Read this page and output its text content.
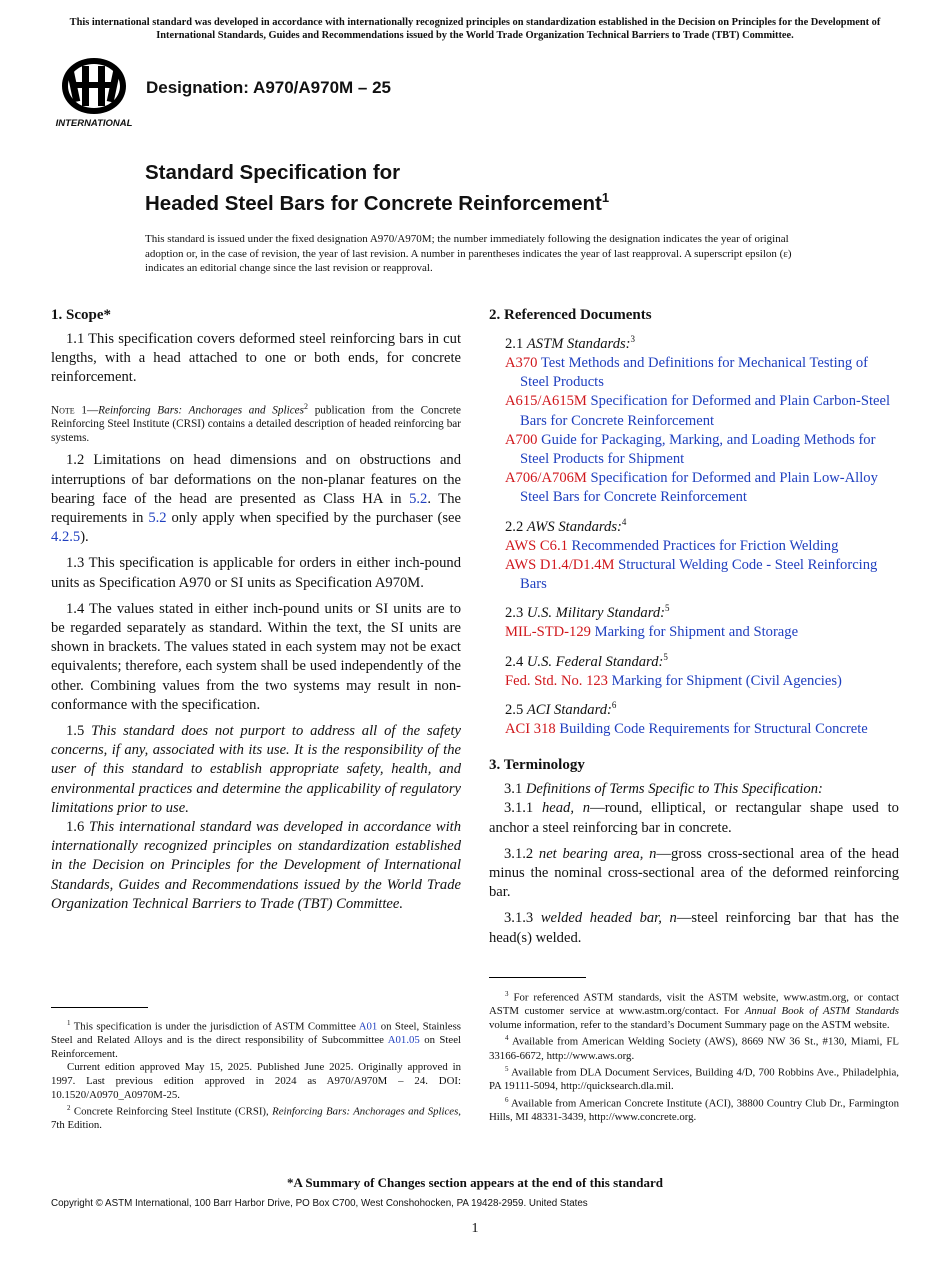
This international standard was developed in accordance with internationally recognized principles on standardization established in the Decision on Principles for the Development of International Standards, Guides and Recommendations issued by the World Trade Organization Technical Barriers to Trade (TBT) Committee.
INTERNATIONAL
Designation: A970/A970M – 25
Standard Specification for
Headed Steel Bars for Concrete Reinforcement$^1$
This standard is issued under the fixed designation A970/A970M; the number immediately following the designation indicates the year of original adoption or, in the case of revision, the year of last revision. A number in parentheses indicates the year of last reapproval. A superscript epsilon (ε) indicates an editorial change since the last revision or reapproval.
1. Scope*

1.1 This specification covers deformed steel reinforcing bars in cut lengths, with a head attached to one or both ends, for concrete reinforcement.

Note 1—Reinforcing Bars: Anchorages and Splices$^2$ publication from the Concrete Reinforcing Steel Institute (CRSI) contains a detailed description of headed reinforcing bar systems.

1.2 Limitations on head dimensions and on obstructions and interruptions of bar deformations on the non-planar features on the bearing face of the head are presented as Class HA in 5.2. The requirements in 5.2 only apply when specified by the purchaser (see 4.2.5).

1.3 This specification is applicable for orders in either inch-pound units as Specification A970 or SI units as Specification A970M.

1.4 The values stated in either inch-pound units or SI units are to be regarded separately as standard. Within the text, the SI units are shown in brackets. The values stated in each system may not be exact equivalents; therefore, each system shall be used independently of the other. Combining values from the two systems may result in non-conformance with the specification.

1.5 This standard does not purport to address all of the safety concerns, if any, associated with its use. It is the responsibility of the user of this standard to establish appropriate safety, health, and environmental practices and determine the applicability of regulatory limitations prior to use.

1.6 This international standard was developed in accordance with internationally recognized principles on standardization established in the Decision on Principles for the Development of International Standards, Guides and Recommendations issued by the World Trade Organization Technical Barriers to Trade (TBT) Committee.

2. Referenced Documents

2.1 ASTM Standards:$^3$

A370 Test Methods and Definitions for Mechanical Testing of Steel Products

A615/A615M Specification for Deformed and Plain Carbon-Steel Bars for Concrete Reinforcement

A700 Guide for Packaging, Marking, and Loading Methods for Steel Products for Shipment

A706/A706M Specification for Deformed and Plain Low-Alloy Steel Bars for Concrete Reinforcement

2.2 AWS Standards:$^4$

AWS C6.1 Recommended Practices for Friction Welding

AWS D1.4/D1.4M Structural Welding Code - Steel Reinforcing Bars

2.3 U.S. Military Standard:$^5$

MIL-STD-129 Marking for Shipment and Storage

2.4 U.S. Federal Standard:$^5$

Fed. Std. No. 123 Marking for Shipment (Civil Agencies)

2.5 ACI Standard:$^6$

ACI 318 Building Code Requirements for Structural Concrete

3. Terminology

3.1 Definitions of Terms Specific to This Specification:

3.1.1 head, n—round, elliptical, or rectangular shape used to anchor a steel reinforcing bar in concrete.

3.1.2 net bearing area, n—gross cross-sectional area of the head minus the nominal cross-sectional area of the deformed reinforcing bar.

3.1.3 welded headed bar, n—steel reinforcing bar that has the head(s) welded.

$^1$ This specification is under the jurisdiction of ASTM Committee A01 on Steel, Stainless Steel and Related Alloys and is the direct responsibility of Subcommittee A01.05 on Steel Reinforcement.

Current edition approved May 15, 2025. Published June 2025. Originally approved in 1997. Last previous edition approved in 2024 as A970/A970M – 24. DOI: 10.1520/A0970_A0970M-25.

$^2$ Concrete Reinforcing Steel Institute (CRSI), Reinforcing Bars: Anchorages and Splices, 7th Edition.

$^3$ For referenced ASTM standards, visit the ASTM website, www.astm.org, or contact ASTM customer service at www.astm.org/contact. For Annual Book of ASTM Standards volume information, refer to the standard’s Document Summary page on the ASTM website.

$^4$ Available from American Welding Society (AWS), 8669 NW 36 St., #130, Miami, FL 33166-6672, http://www.aws.org.

$^5$ Available from DLA Document Services, Building 4/D, 700 Robbins Ave., Philadelphia, PA 19111-5094, http://quicksearch.dla.mil.

$^6$ Available from American Concrete Institute (ACI), 38800 Country Club Dr., Farmington Hills, MI 48331-3439, http://www.concrete.org.

*A Summary of Changes section appears at the end of this standard
Copyright © ASTM International, 100 Barr Harbor Drive, PO Box C700, West Conshohocken, PA 19428-2959. United States
1
